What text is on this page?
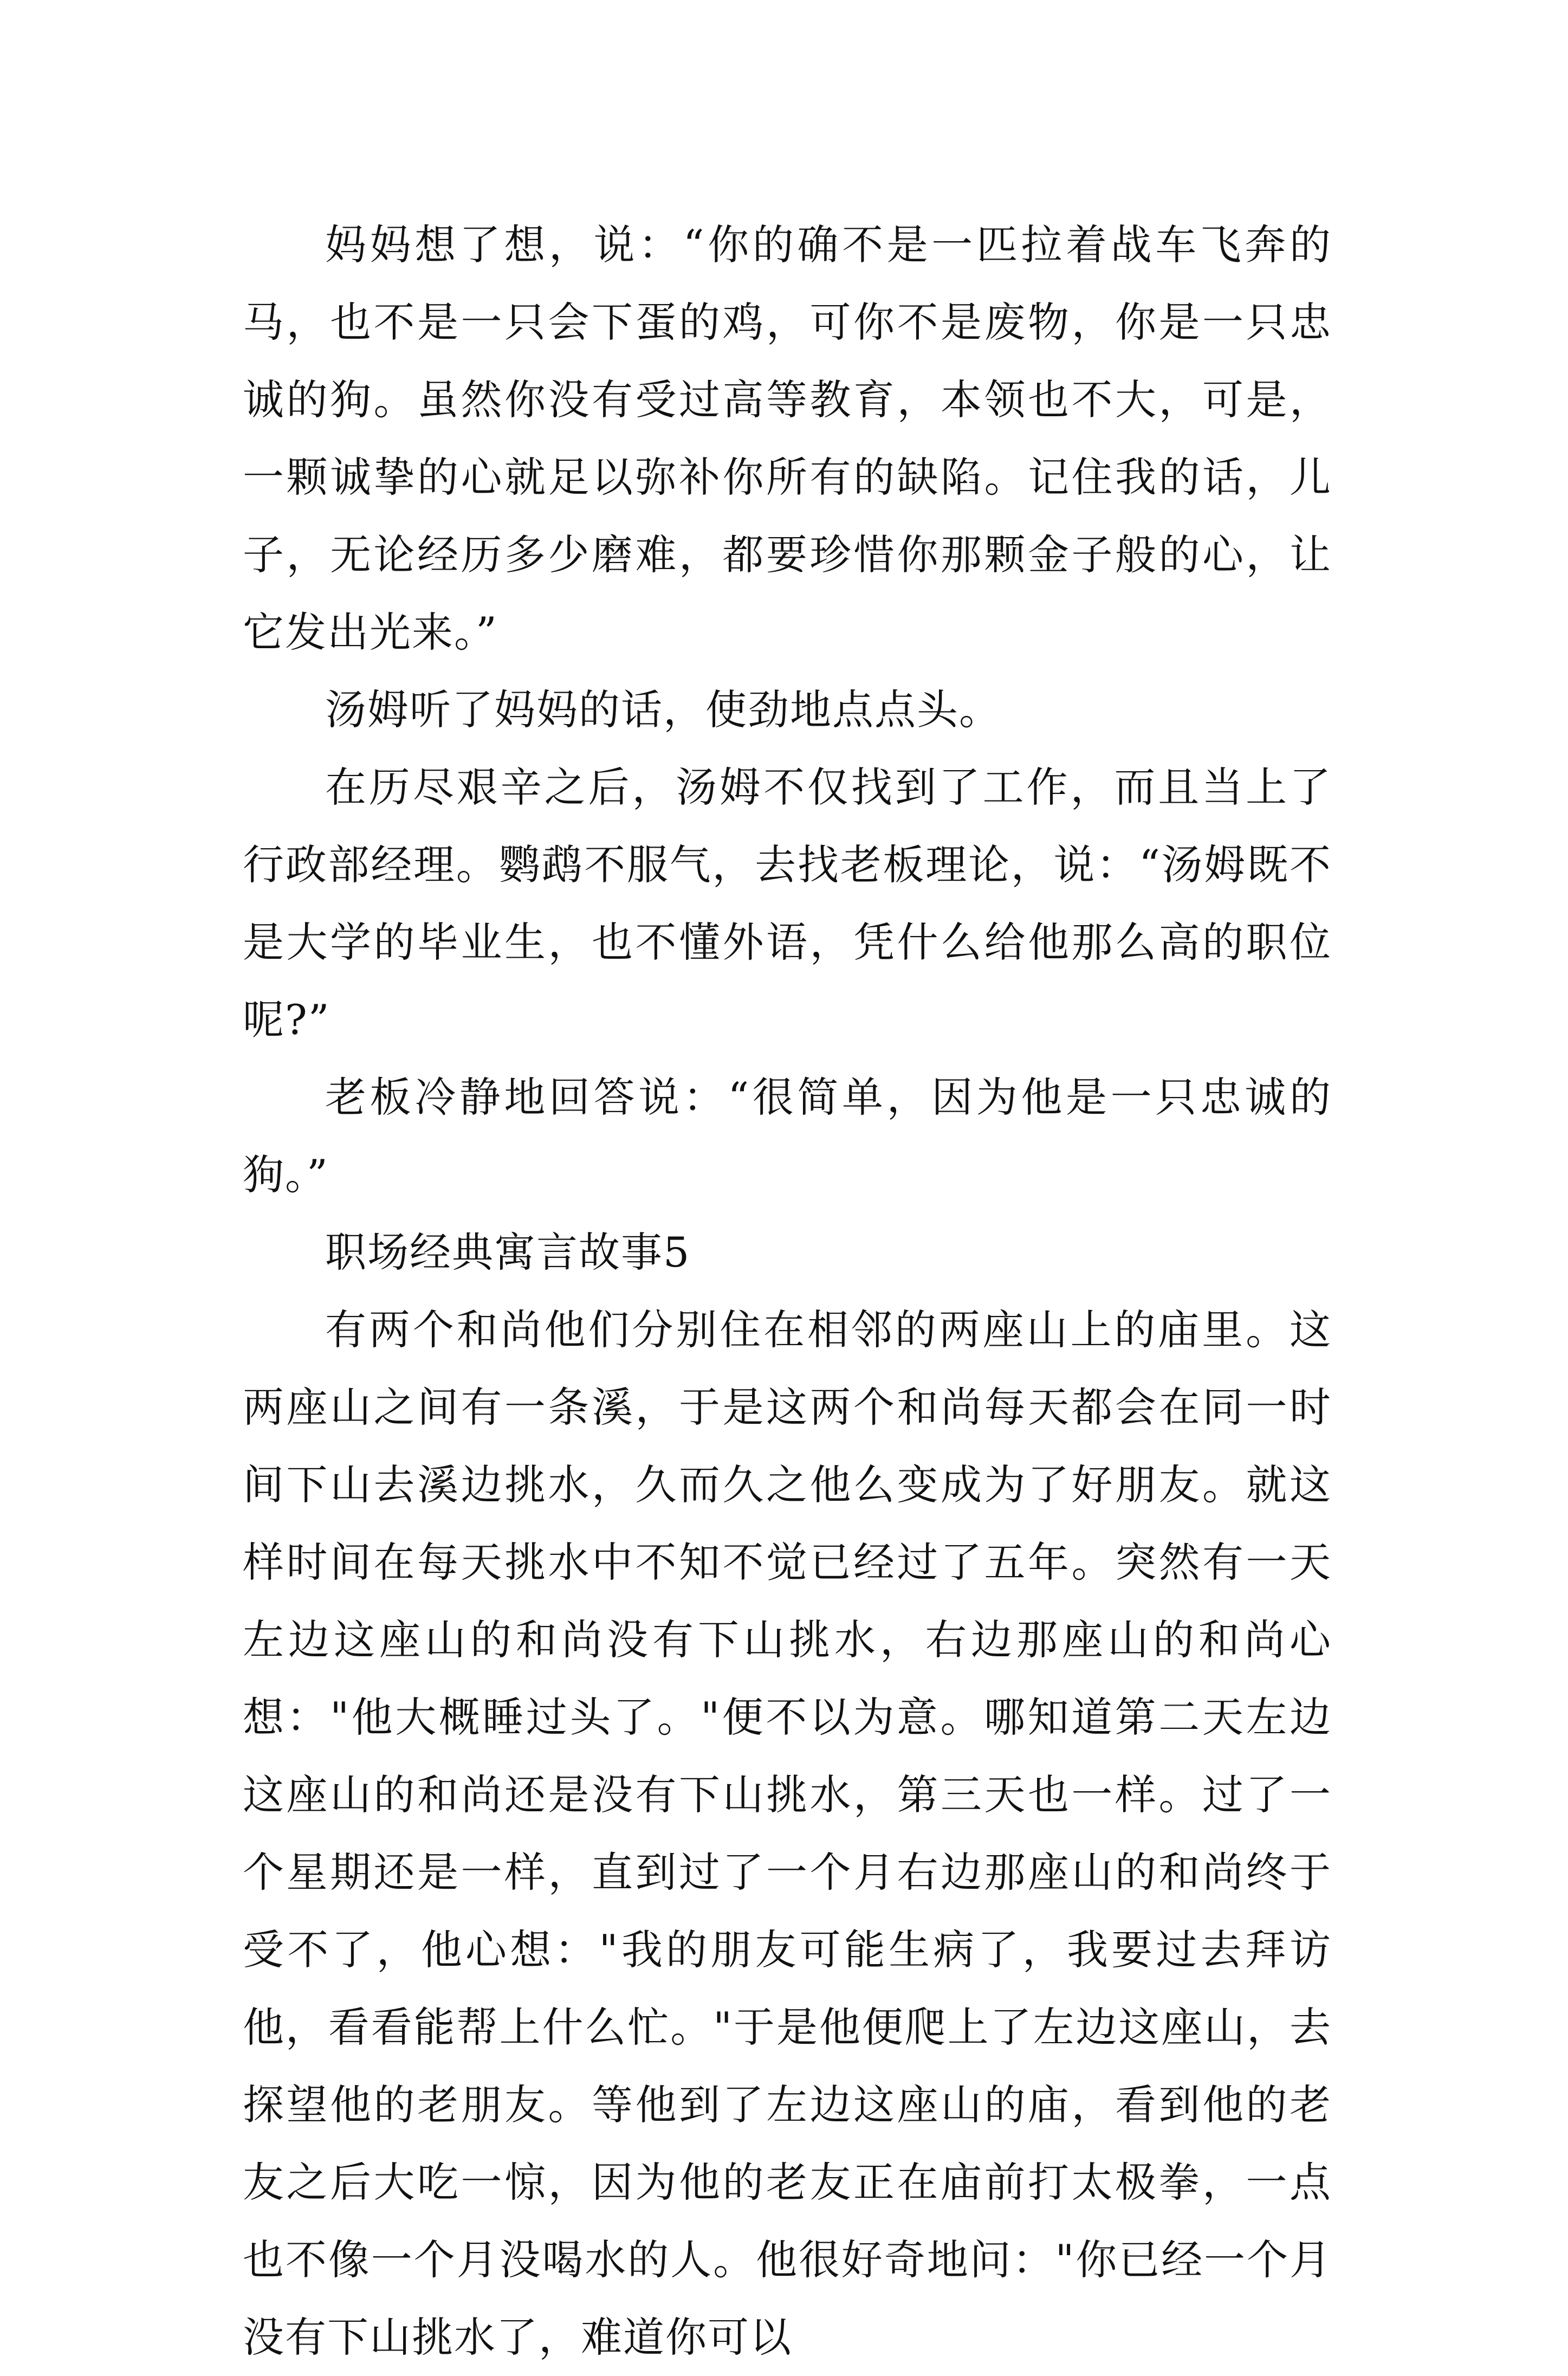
妈妈想了想，说：“你的确不是一匹拉着战车飞奔的马，也不是一只会下蛋的鸡，可你不是废物，你是一只忠诚的狗。虽然你没有受过高等教育，本领也不大，可是，一颗诚挚的心就足以弥补你所有的缺陷。记住我的话，儿子，无论经历多少磨难，都要珍惜你那颗金子般的心，让它发出光来。”

汤姆听了妈妈的话，使劲地点点头。

在历尽艰辛之后，汤姆不仅找到了工作，而且当上了行政部经理。鹦鹉不服气，去找老板理论，说：“汤姆既不是大学的毕业生，也不懂外语，凭什么给他那么高的职位呢?”

老板冷静地回答说：“很简单，因为他是一只忠诚的狗。”

职场经典寓言故事5

有两个和尚他们分别住在相邻的两座山上的庙里。这两座山之间有一条溪，于是这两个和尚每天都会在同一时间下山去溪边挑水，久而久之他么变成为了好朋友。就这样时间在每天挑水中不知不觉已经过了五年。突然有一天左边这座山的和尚没有下山挑水，右边那座山的和尚心想："他大概睡过头了。"便不以为意。哪知道第二天左边这座山的和尚还是没有下山挑水，第三天也一样。过了一个星期还是一样，直到过了一个月右边那座山的和尚终于受不了，他心想："我的朋友可能生病了，我要过去拜访他，看看能帮上什么忙。"于是他便爬上了左边这座山，去探望他的老朋友。等他到了左边这座山的庙，看到他的老友之后大吃一惊，因为他的老友正在庙前打太极拳，一点也不像一个月没喝水的人。他很好奇地问："你已经一个月没有下山挑水了，难道你可以
